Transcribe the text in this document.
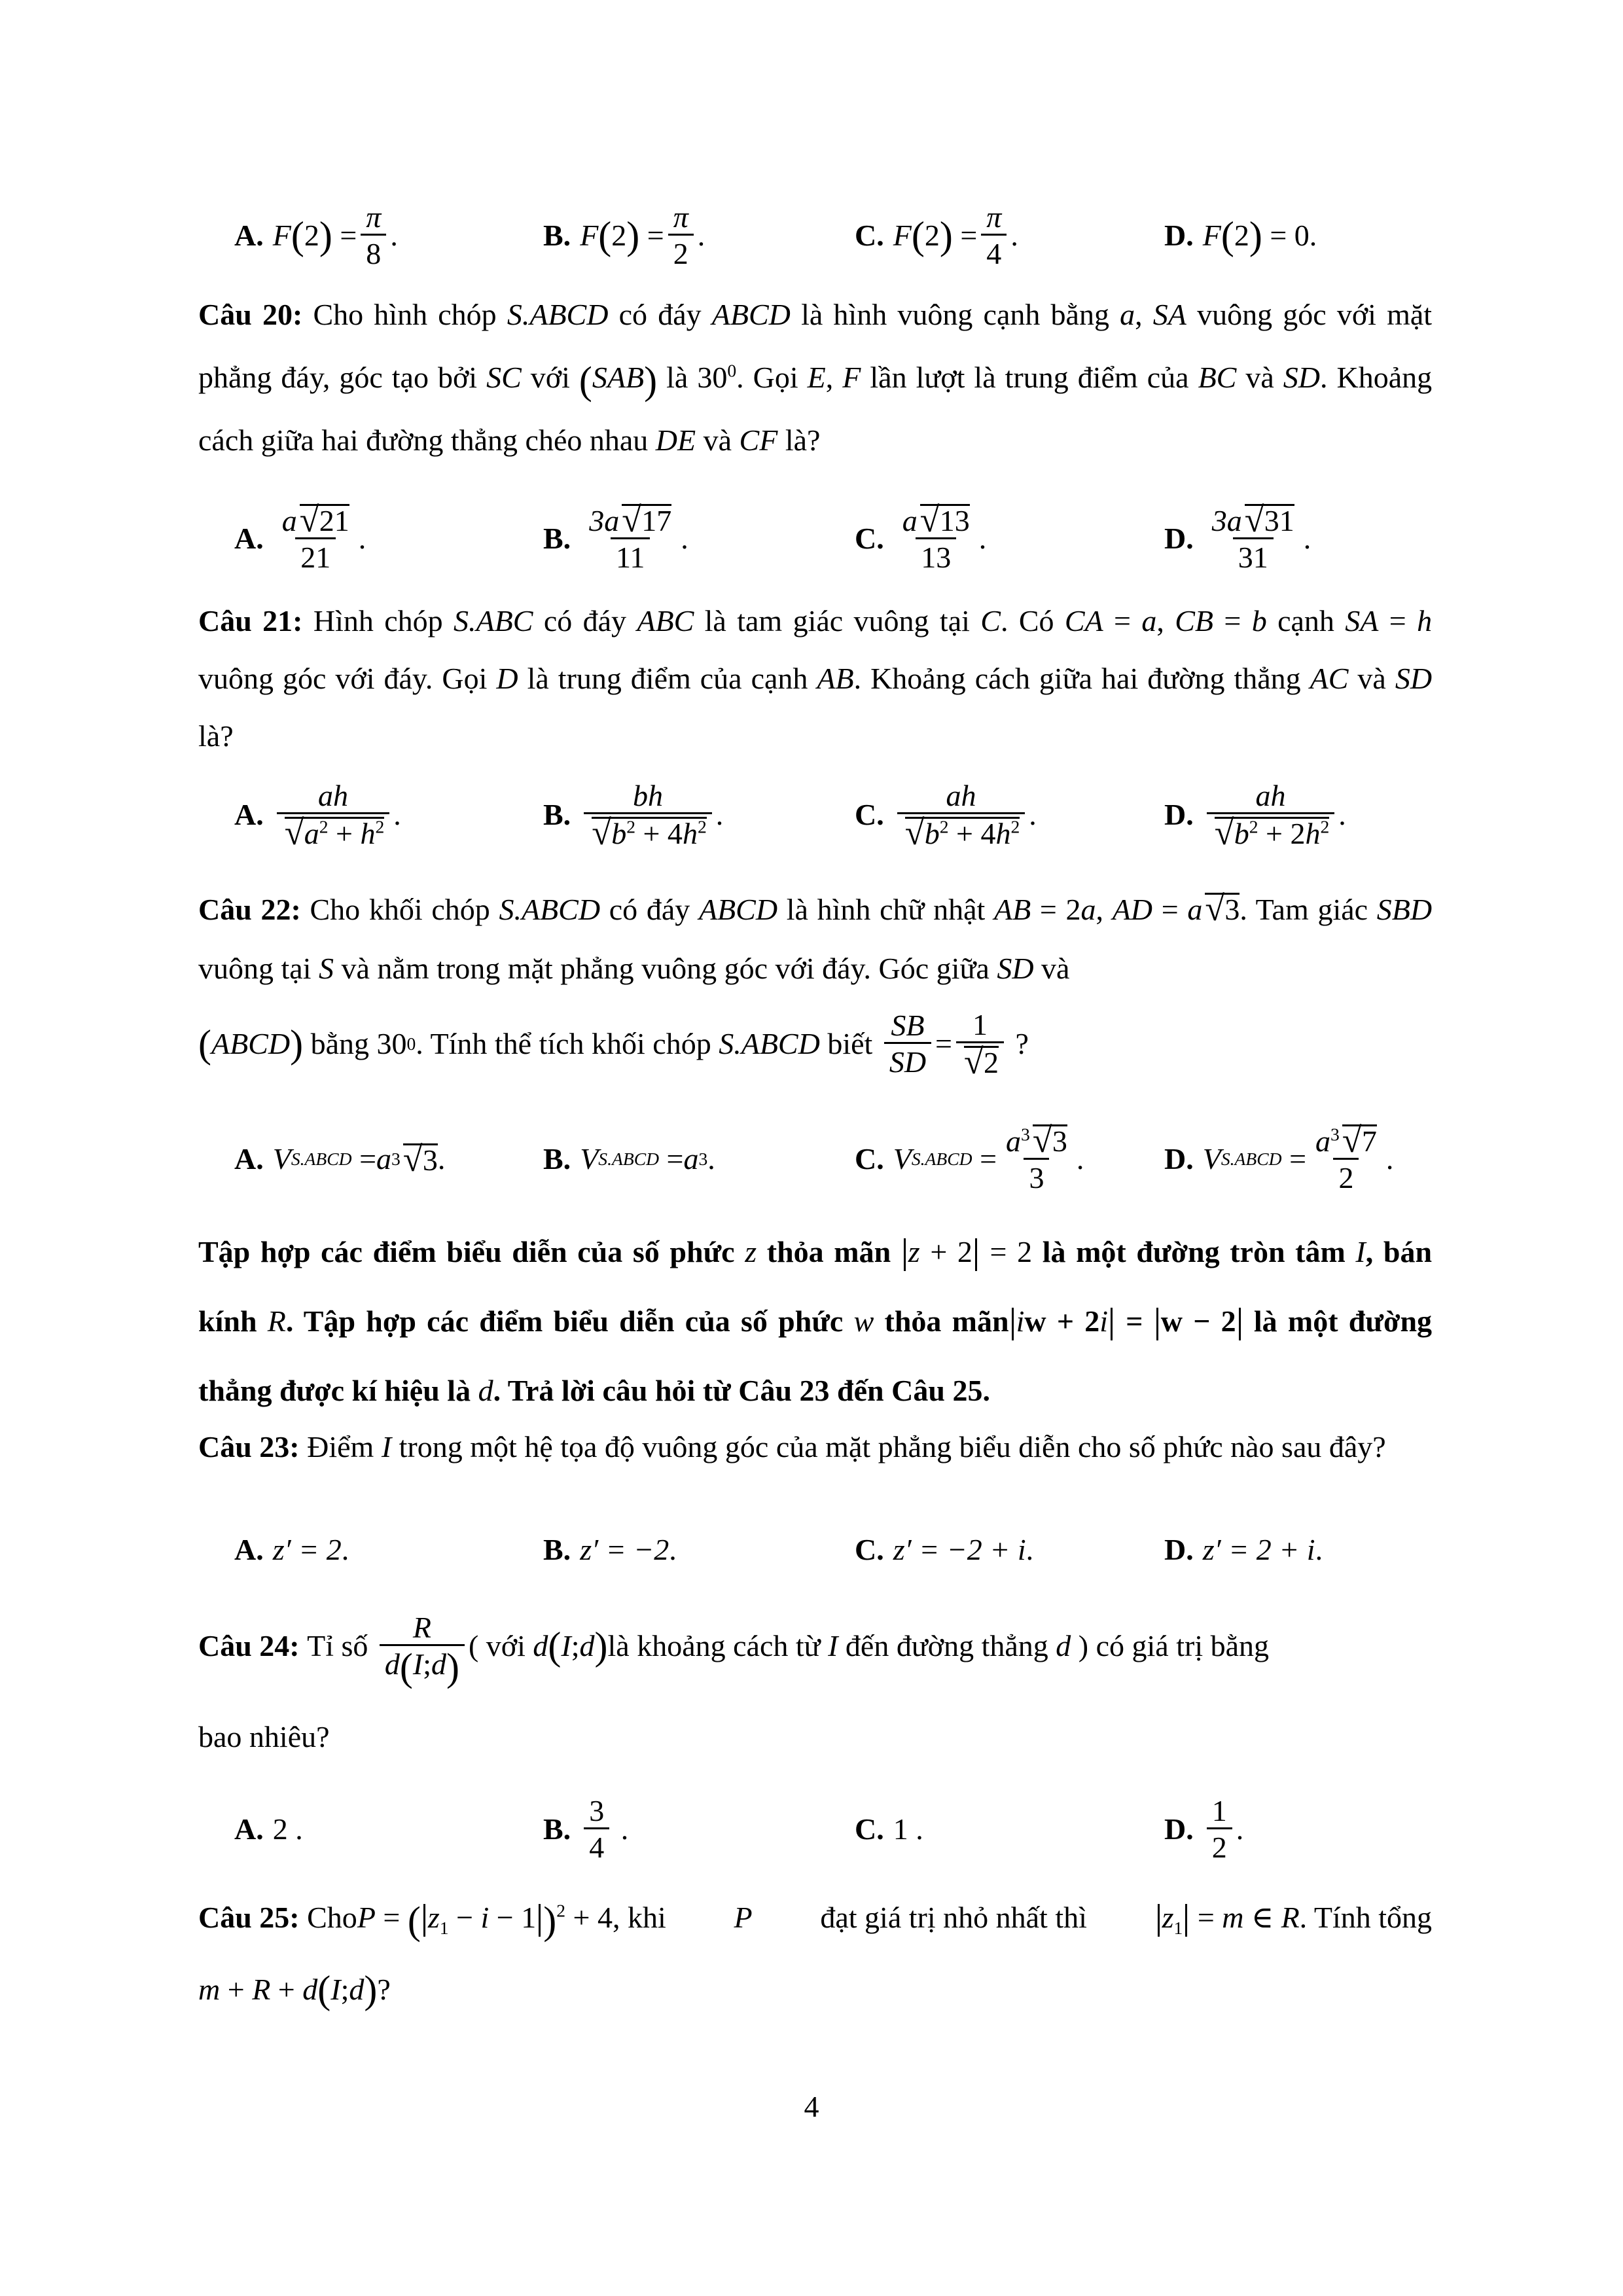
A. F ( 2 ) = $\frac{\pi}{8}$ .	B. F ( 2 ) = $\frac{\pi}{2}$ .	C. F ( 2 ) = $\frac{\pi}{4}$ .	D. F ( 2 ) = 0 .
Câu 20: Cho hình chóp S.ABCD có đáy ABCD là hình vuông cạnh bằng a, SA vuông góc với mặt phẳng đáy, góc tạo bởi SC với (SAB) là $30^0$. Gọi E, F lần lượt là trung điểm của BC và SD. Khoảng cách giữa hai đường thẳng chéo nhau DE và CF là?
A. $\frac{a √ 21}{21}$ .	B. $\frac{3a √ 17}{11}$ .	C. $\frac{a √ 13}{13}$ .	D. $\frac{3a √ 31}{31}$ .
Câu 21: Hình chóp S.ABC có đáy ABC là tam giác vuông tại C. Có CA = a, CB = b cạnh SA = h vuông góc với đáy. Gọi D là trung điểm của cạnh AB. Khoảng cách giữa hai đường thẳng AC và SD là?
A. ah
√ $a^2 + h^2$ .	B. bh
√ $b^2 + 4h^2$ .	C. ah
√ $b^2 + 4h^2$ .	D. ah
√ $b^2 + 2h^2$ .
Câu 22: Cho khối chóp S.ABCD có đáy ABCD là hình chữ nhật AB = 2a, AD = a √ 3. Tam giác SBD vuông tại S và nằm trong mặt phẳng vuông góc với đáy. Góc giữa SD và
( ABCD )
bằng 30 0 . Tính thể tích khối chóp
S.ABCD
biết
$\frac{SB}{SD} = 1$
√ 2
?
A. V S.ABCD = a 3 √ 3 .	B. V S.ABCD = a 3 .	C. V S.ABCD = $\frac{a^3 √ 3}{3}$ .	D. V S.ABCD = $\frac{a^3 √ 7}{2}$ .
Tập hợp các điểm biểu diễn của số phức z thỏa mãn z + 2 = 2 là một đường tròn tâm I, bán kính R. Tập hợp các điểm biểu diễn của số phức w thỏa mãn iw + 2i = w − 2 là một đường thẳng được kí hiệu là d. Trả lời câu hỏi từ Câu 23 đến Câu 25.
Câu 23: Điểm I trong một hệ tọa độ vuông góc của mặt phẳng biểu diễn cho số phức nào sau đây?
A. z′ = 2 .	B. z′ = −2 .	C. z′ = −2 + i .	D. z′ = 2 + i .
Câu 24:
Tỉ số
$\frac{R}{d(I;d)}$ ( với
d ( I ; d ) là khoảng cách từ
I
đến đường thẳng
d
) có giá trị bằng
bao nhiêu?
A. 2 .	B. $\frac{3}{4}$ .	C. 1 .	D. $\frac{1}{2}$ .
Câu 25: ChoP = ( $z_1 - i - 1$ )$^2$ + 4, khi P đạt giá trị nhỏ nhất thì $z_1 = m$ ∈ R. Tính tổng
m + R + d ( I ; d ) ?
4
